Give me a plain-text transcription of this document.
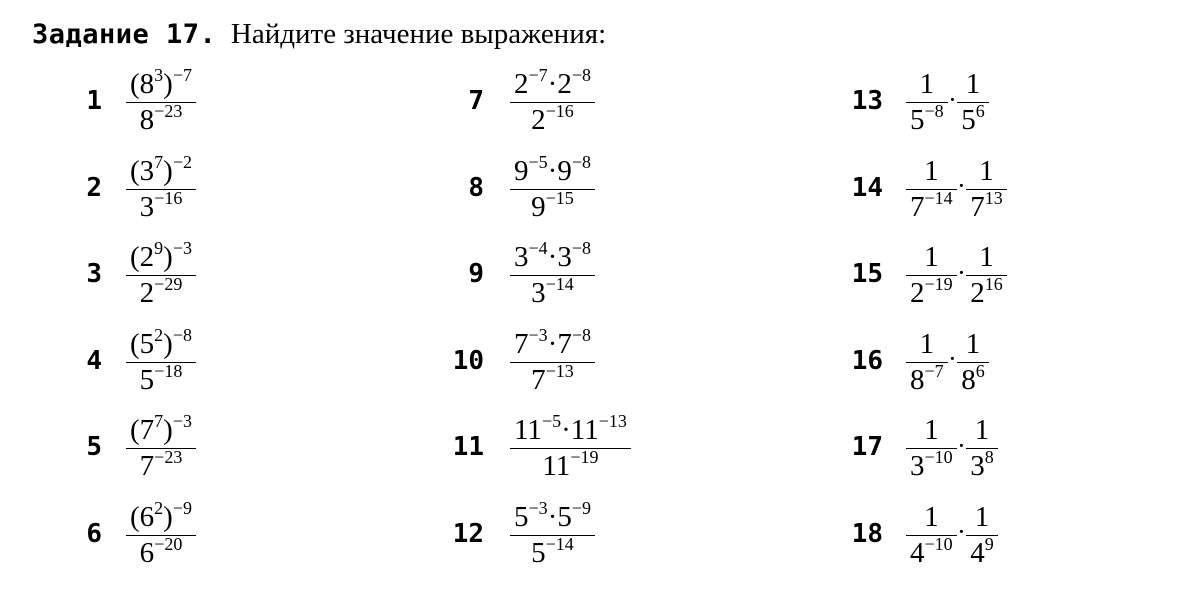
Задание 17. Найдите значение выражения:
1
$(8^3)^{-7}$
$8^{-23}$
2
$(3^7)^{-2}$
$3^{-16}$
3
$(2^9)^{-3}$
$2^{-29}$
4
$(5^2)^{-8}$
$5^{-18}$
5
$(7^7)^{-3}$
$7^{-23}$
6
$(6^2)^{-9}$
$6^{-20}$
7
$2^{-7}\cdot 2^{-8}$
$2^{-16}$
8
$9^{-5}\cdot 9^{-8}$
$9^{-15}$
9
$3^{-4}\cdot 3^{-8}$
$3^{-14}$
10
$7^{-3}\cdot 7^{-8}$
$7^{-13}$
11
$11^{-5}\cdot 11^{-13}$
$11^{-19}$
12
$5^{-3}\cdot 5^{-9}$
$5^{-14}$
$13 \frac{1}{5^{-8}} \cdot \frac{1}{5^6}$
$14 \frac{1}{7^{-14}} \cdot \frac{1}{7^{13}}$
$15 \frac{1}{2^{-19}} \cdot \frac{1}{2^{16}}$
$16 \frac{1}{8^{-7}} \cdot \frac{1}{8^6}$
$17 \frac{1}{3^{-10}} \cdot \frac{1}{3^8}$
$18 \frac{1}{4^{-10}} \cdot \frac{1}{4^9}$
